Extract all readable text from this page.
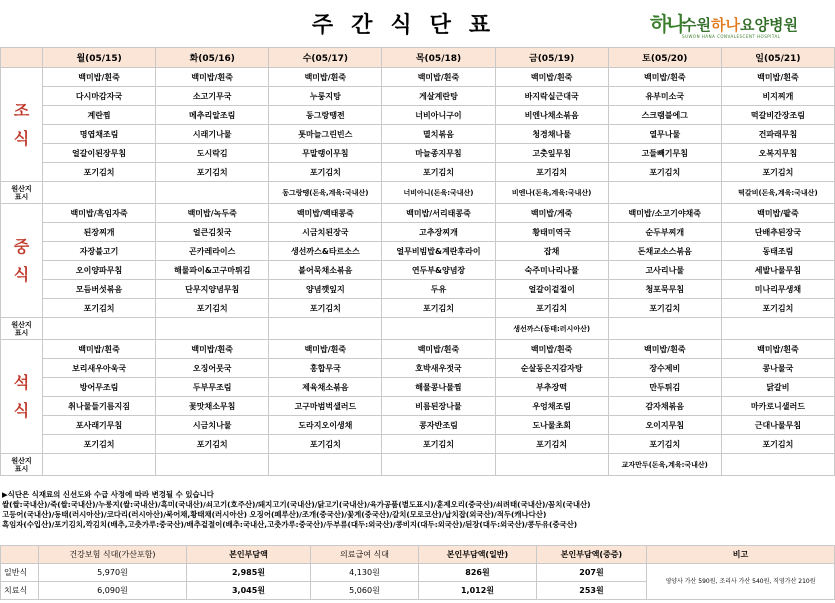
주간식단표	하나 수원하나요양병원
SUWON HANA CONVALESCENT HOSPITAL
	월(05/15)	화(05/16)	수(05/17)	목(05/18)	금(05/19)	토(05/20)	일(05/21)
조

식	백미밥/흰죽	백미밥/흰죽	백미밥/흰죽	백미밥/흰죽	백미밥/흰죽	백미밥/흰죽	백미밥/흰죽
	다시마감자국	소고기무국	누룽지탕	게살계란탕	바지락실근대국	유부미소국	비지찌개
	계란찜	메추리알조림	동그랑땡전	너비아니구이	비엔나채소볶음	스크램블에그	떡갈비간장조림
	명엽채조림	시래기나물	톳마늘그린빈스	멸치볶음	청경채나물	열무나물	건파래무침
	얼갈이된장무침	도시락김	무말랭이무침	마늘종지무침	고춧잎무침	고들빼기무침	오복지무침
	포기김치	포기김치	포기김치	포기김치	포기김치	포기김치	포기김치
원산지
표시			동그랑땡(돈육,계육:국내산)	너비아니(돈육:국내산)	비엔나(돈육,계육:국내산)		떡갈비(돈육,계육:국내산)
중

식	백미밥/흑임자죽	백미밥/녹두죽	백미밥/백태콩죽	백미밥/서리태콩죽	백미밥/게죽	백미밥/소고기야채죽	백미밥/팥죽
	된장찌개	얼큰김칫국	시금치된장국	고추장찌개	황태미역국	순두부찌개	단배추된장국
	자장불고기	곤카레라이스	생선까스&타르소스	얼무비빔밥&계란후라이	잡채	돈채교소스볶음	동태조림
	오이양파무침	해물파이&고구마튀김	볼어묵채소볶음	연두부&양념장	숙주미나리나물	고사리나물	세발나물무침
	모듬버섯볶음	단무지양념무침	양념깻잎지	두유	얼갈이겉절이	청포묵무침	미나리무생채
	포기김치	포기김치	포기김치	포기김치	포기김치	포기김치	포기김치
원산지
표시					생선까스(동태:러시아산)		
석

식	백미밥/흰죽	백미밥/흰죽	백미밥/흰죽	백미밥/흰죽	백미밥/흰죽	백미밥/흰죽	백미밥/흰죽
	보리새우아욱국	오징어뭇국	홍합무국	호박새우젓국	순살동은지감자탕	장수제비	콩나물국
	방어무조림	두부무조림	제육채소볶음	해물콩나물찜	부추장떡	만두튀김	닭갈비
	취나물들기름지짐	꽃맛채소무침	고구마범벅샐러드	비름된장나물	우엉채조림	감자채볶음	마카로니샐러드
	포사래기무침	시금치나물	도라지오이생채	콩자반조림	도나물초회	오이지무침	근대나물무침
	포기김치	포기김치	포기김치	포기김치	포기김치	포기김치	포기김치
원산지
표시						교자만두(돈육,계육:국내산)	
▶식단은 식재료의 신선도와 수급 사정에 따라 변경될 수 있습니다
쌀(쌀:국내산)/죽(쌀:국내산)/누룽지(쌀:국내산)/흑미(국내산)/쇠고기(호주산)/돼지고기(국내산)/닭고기(국내산)/육가공품(별도표시)/훈제오리(중국산)/쇠려태(국내산)/꼼치(국내산)
고등어(국내산)/동태(러시아산)/코다리(러시아산)/북어채,황태채(러시아산) 오징어(페루산)/조개(중국산)/꽃게(중국산)/갈치(모로코산)/납치잡(외국산)/적두(캐나다산)
흑임자(수입산)/포기김치,깍김치(배추,고춧가루:중국산)/배추겉절이(배추:국내산,고춧가루:중국산)/두부류(대두:외국산)/콩비지(대두:외국산)/된장(대두:외국산)/콩두유(중국산)
	건강보험 식대(가산포함)	본인부담액	의료급여 식대	본인부담액(일반)	본인부담액(중증)	비고
일반식	5,970원	2,985원	4,130원	826원	207원	영양사 가산 590원, 조리사 가산 540원, 직영가산 210원
치료식	6,090원	3,045원	5,060원	1,012원	253원	
